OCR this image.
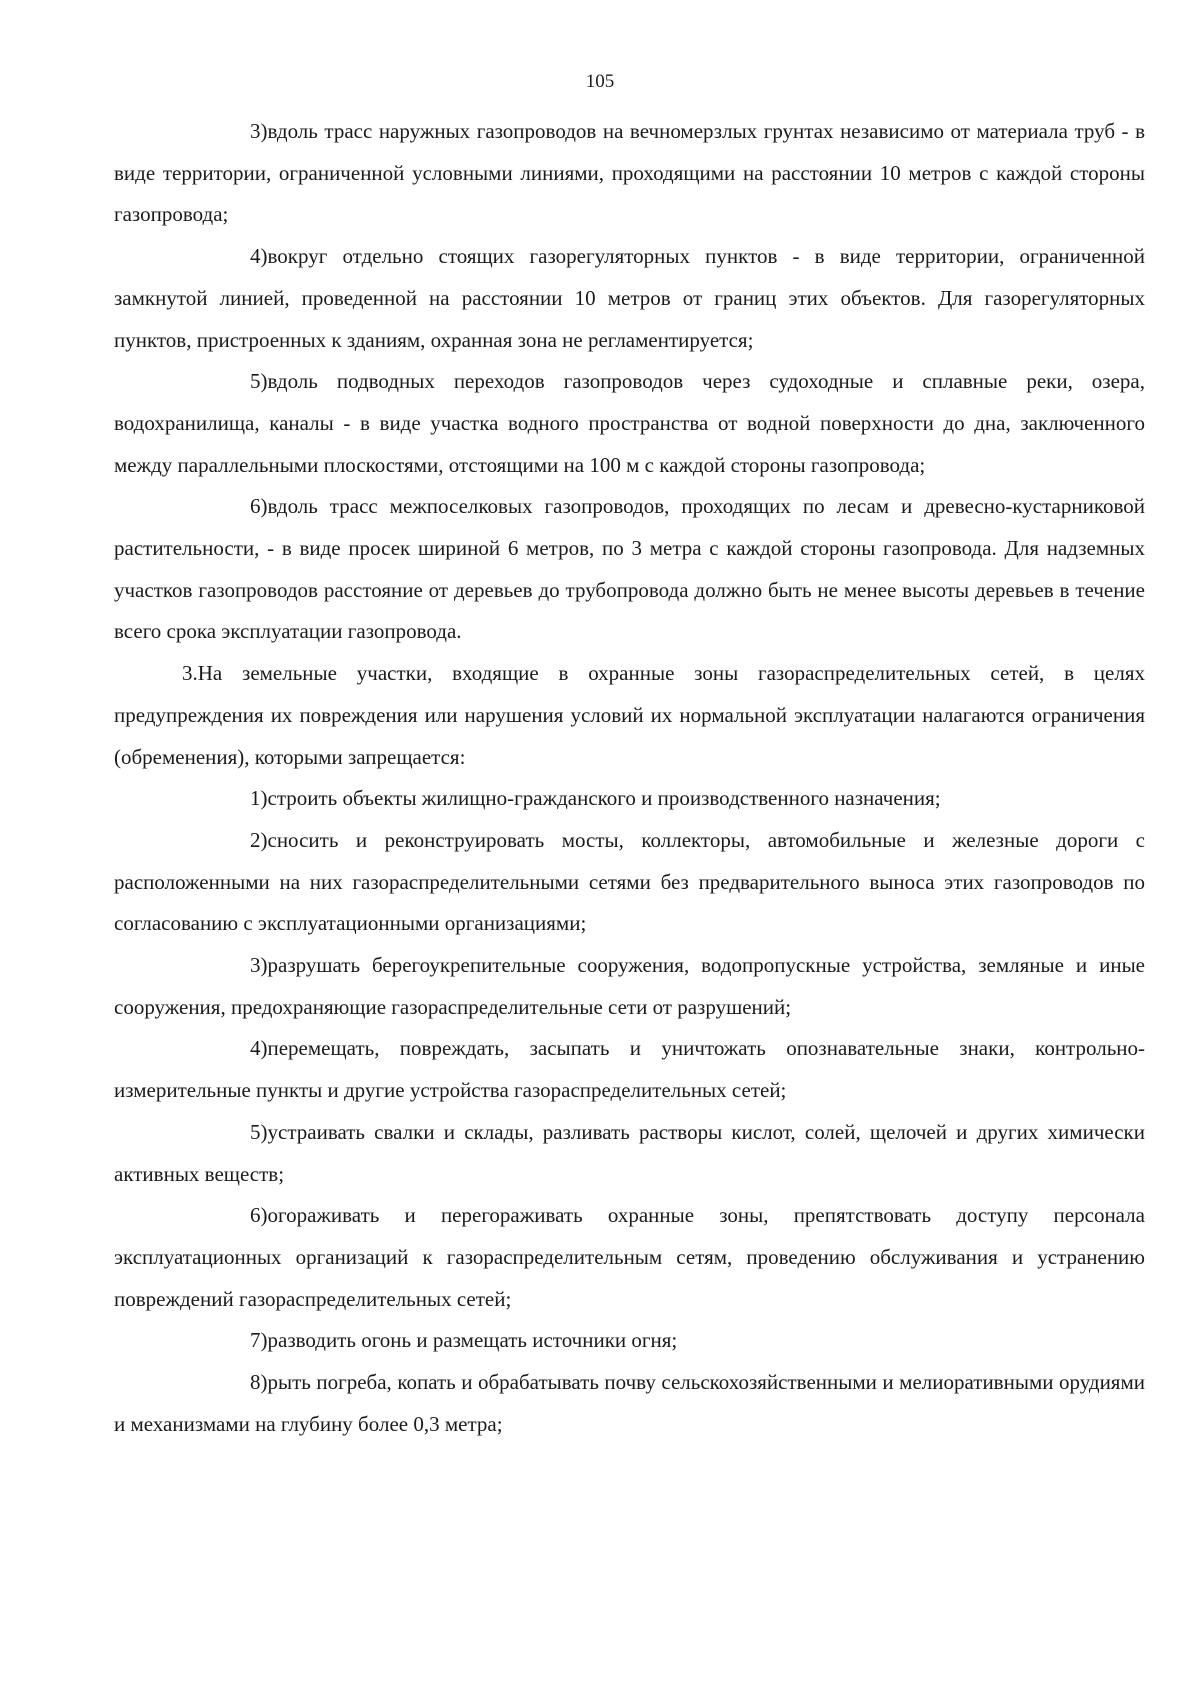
105

3)вдоль трасс наружных газопроводов на вечномерзлых грунтах независимо от материала труб - в виде территории, ограниченной условными линиями, проходящими на расстоянии 10 метров с каждой стороны газопровода;

4)вокруг отдельно стоящих газорегуляторных пунктов - в виде территории, ограниченной замкнутой линией, проведенной на расстоянии 10 метров от границ этих объектов. Для газорегуляторных пунктов, пристроенных к зданиям, охранная зона не регламентируется;

5)вдоль подводных переходов газопроводов через судоходные и сплавные реки, озера, водохранилища, каналы - в виде участка водного пространства от водной поверхности до дна, заключенного между параллельными плоскостями, отстоящими на 100 м с каждой стороны газопровода;

6)вдоль трасс межпоселковых газопроводов, проходящих по лесам и древесно-кустарниковой растительности, - в виде просек шириной 6 метров, по 3 метра с каждой стороны газопровода. Для надземных участков газопроводов расстояние от деревьев до трубопровода должно быть не менее высоты деревьев в течение всего срока эксплуатации газопровода.

3.На земельные участки, входящие в охранные зоны газораспределительных сетей, в целях предупреждения их повреждения или нарушения условий их нормальной эксплуатации налагаются ограничения (обременения), которыми запрещается:

1)строить объекты жилищно-гражданского и производственного назначения;

2)сносить и реконструировать мосты, коллекторы, автомобильные и железные дороги с расположенными на них газораспределительными сетями без предварительного выноса этих газопроводов по согласованию с эксплуатационными организациями;

3)разрушать берегоукрепительные сооружения, водопропускные устройства, земляные и иные сооружения, предохраняющие газораспределительные сети от разрушений;

4)перемещать, повреждать, засыпать и уничтожать опознавательные знаки, контрольно-измерительные пункты и другие устройства газораспределительных сетей;

5)устраивать свалки и склады, разливать растворы кислот, солей, щелочей и других химически активных веществ;

6)огораживать и перегораживать охранные зоны, препятствовать доступу персонала эксплуатационных организаций к газораспределительным сетям, проведению обслуживания и устранению повреждений газораспределительных сетей;

7)разводить огонь и размещать источники огня;

8)рыть погреба, копать и обрабатывать почву сельскохозяйственными и мелиоративными орудиями и механизмами на глубину более 0,3 метра;
